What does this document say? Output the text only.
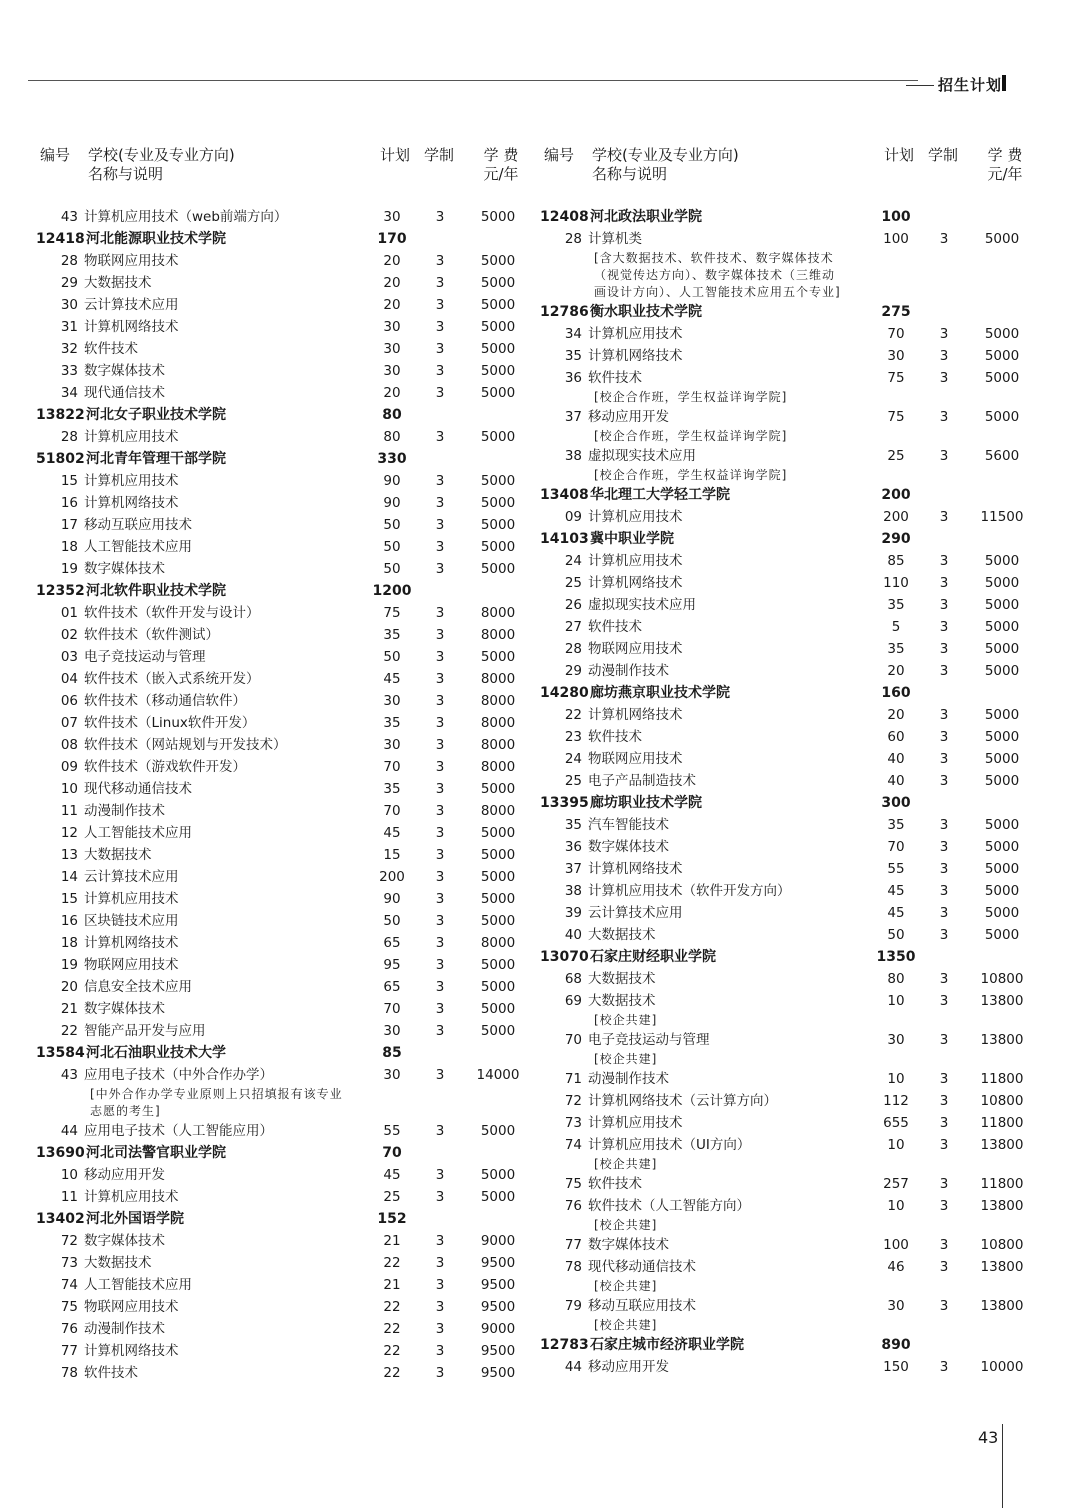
招生计划
编号 学校(专业及专业方向)
名称与说明
计划 学制	学 费
元/年
43 计算机应用技术（web前端方向）	30	3	5000
12418 河北能源职业技术学院	170
28 物联网应用技术	20	3	5000
29 大数据技术	20	3	5000
30 云计算技术应用	20	3	5000
31 计算机网络技术	30	3	5000
32 软件技术	30	3	5000
33 数字媒体技术	30	3	5000
34 现代通信技术	20	3	5000
13822 河北女子职业技术学院	80
28 计算机应用技术	80	3	5000
51802 河北青年管理干部学院	330
15 计算机应用技术	90	3	5000
16 计算机网络技术	90	3	5000
17 移动互联应用技术	50	3	5000
18 人工智能技术应用	50	3	5000
19 数字媒体技术	50	3	5000
12352 河北软件职业技术学院	1200
01 软件技术（软件开发与设计）	75	3	8000
02 软件技术（软件测试）	35	3	8000
03 电子竞技运动与管理	50	3	5000
04 软件技术（嵌入式系统开发）	45	3	8000
06 软件技术（移动通信软件）	30	3	8000
07 软件技术（Linux软件开发）	35	3	8000
08 软件技术（网站规划与开发技术）	30	3	8000
09 软件技术（游戏软件开发）	70	3	8000
10 现代移动通信技术	35	3	5000
11 动漫制作技术	70	3	8000
12 人工智能技术应用	45	3	5000
13 大数据技术	15	3	5000
14 云计算技术应用	200	3	5000
15 计算机应用技术	90	3	5000
16 区块链技术应用	50	3	5000
18 计算机网络技术	65	3	8000
19 物联网应用技术	95	3	5000
20 信息安全技术应用	65	3	5000
21 数字媒体技术	70	3	5000
22 智能产品开发与应用	30	3	5000
13584 河北石油职业技术大学	85
43 应用电子技术（中外合作办学）	30	3	14000
[中外合作办学专业原则上只招填报有该专业
志愿的考生]
44 应用电子技术（人工智能应用）	55	3	5000
13690 河北司法警官职业学院	70
10 移动应用开发	45	3	5000
11 计算机应用技术	25	3	5000
13402 河北外国语学院	152
72 数字媒体技术	21	3	9000
73 大数据技术	22	3	9500
74 人工智能技术应用	21	3	9500
75 物联网应用技术	22	3	9500
76 动漫制作技术	22	3	9000
77 计算机网络技术	22	3	9500
78 软件技术	22	3	9500
编号 学校(专业及专业方向)
名称与说明
计划 学制	学 费
元/年
12408 河北政法职业学院	100
28 计算机类	100	3	5000
[含大数据技术、软件技术、数字媒体技术
（视觉传达方向）、数字媒体技术（三维动
画设计方向）、人工智能技术应用五个专业]
12786 衡水职业技术学院	275
34 计算机应用技术	70	3	5000
35 计算机网络技术	30	3	5000
36 软件技术	75	3	5000
[校企合作班，学生权益详询学院]
37 移动应用开发	75	3	5000
[校企合作班，学生权益详询学院]
38 虚拟现实技术应用	25	3	5600
[校企合作班，学生权益详询学院]
13408 华北理工大学轻工学院	200
09 计算机应用技术	200	3	11500
14103 冀中职业学院	290
24 计算机应用技术	85	3	5000
25 计算机网络技术	110	3	5000
26 虚拟现实技术应用	35	3	5000
27 软件技术	5	3	5000
28 物联网应用技术	35	3	5000
29 动漫制作技术	20	3	5000
14280 廊坊燕京职业技术学院	160
22 计算机网络技术	20	3	5000
23 软件技术	60	3	5000
24 物联网应用技术	40	3	5000
25 电子产品制造技术	40	3	5000
13395 廊坊职业技术学院	300
35 汽车智能技术	35	3	5000
36 数字媒体技术	70	3	5000
37 计算机网络技术	55	3	5000
38 计算机应用技术（软件开发方向）	45	3	5000
39 云计算技术应用	45	3	5000
40 大数据技术	50	3	5000
13070 石家庄财经职业学院	1350
68 大数据技术	80	3	10800
69 大数据技术	10	3	13800
[校企共建]
70 电子竞技运动与管理	30	3	13800
[校企共建]
71 动漫制作技术	10	3	11800
72 计算机网络技术（云计算方向）	112	3	10800
73 计算机应用技术	655	3	11800
74 计算机应用技术（UI方向）	10	3	13800
[校企共建]
75 软件技术	257	3	11800
76 软件技术（人工智能方向）	10	3	13800
[校企共建]
77 数字媒体技术	100	3	10800
78 现代移动通信技术	46	3	13800
[校企共建]
79 移动互联应用技术	30	3	13800
[校企共建]
12783 石家庄城市经济职业学院	890
44 移动应用开发	150	3	10000
43
